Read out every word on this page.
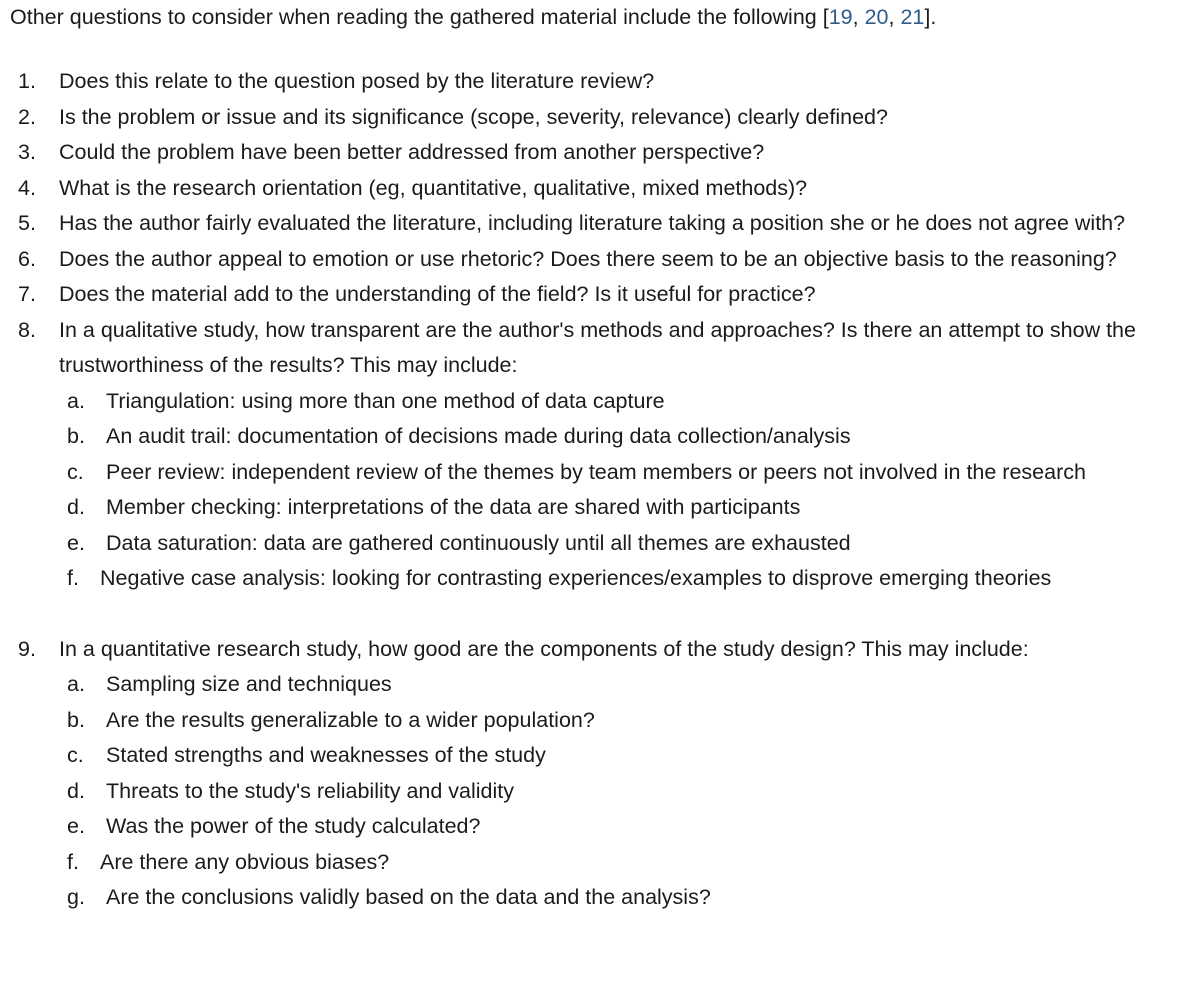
Other questions to consider when reading the gathered material include the following [19, 20, 21].

1. Does this relate to the question posed by the literature review?
2. Is the problem or issue and its significance (scope, severity, relevance) clearly defined?
3. Could the problem have been better addressed from another perspective?
4. What is the research orientation (eg, quantitative, qualitative, mixed methods)?
5. Has the author fairly evaluated the literature, including literature taking a position she or he does not agree with?
6. Does the author appeal to emotion or use rhetoric? Does there seem to be an objective basis to the reasoning?
7. Does the material add to the understanding of the field? Is it useful for practice?
8. In a qualitative study, how transparent are the author's methods and approaches? Is there an attempt to show the trustworthiness of the results? This may include:
a. Triangulation: using more than one method of data capture
b. An audit trail: documentation of decisions made during data collection/analysis
c. Peer review: independent review of the themes by team members or peers not involved in the research
d. Member checking: interpretations of the data are shared with participants
e. Data saturation: data are gathered continuously until all themes are exhausted
f. Negative case analysis: looking for contrasting experiences/examples to disprove emerging theories
9. In a quantitative research study, how good are the components of the study design? This may include:
a. Sampling size and techniques
b. Are the results generalizable to a wider population?
c. Stated strengths and weaknesses of the study
d. Threats to the study's reliability and validity
e. Was the power of the study calculated?
f. Are there any obvious biases?
g. Are the conclusions validly based on the data and the analysis?
